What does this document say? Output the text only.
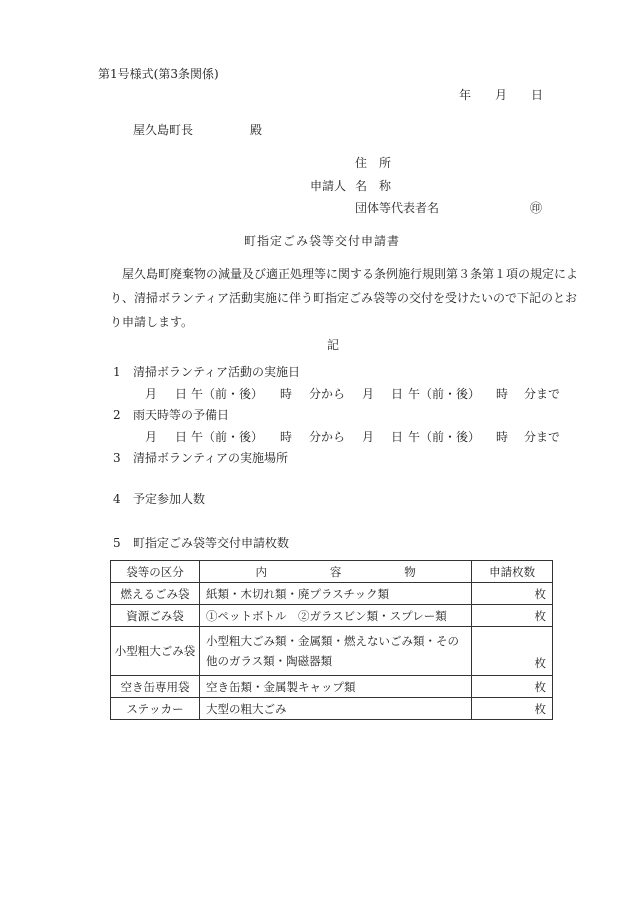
第1号様式(第3条関係)
年 月 日
屋久島町長	殿
住　所
申請人 名　称
団体等代表者名	㊞
町指定ごみ袋等交付申請書

　屋久島町廃棄物の減量及び適正処理等に関する条例施行規則第３条第１項の規定によ
り、清掃ボランティア活動実施に伴う町指定ごみ袋等の交付を受けたいので下記のとお
り申請します。

記
1 清掃ボランティア活動の実施日
月 日 午（前・後） 時 分から 月 日 午（前・後） 時 分まで
2 雨天時等の予備日
月 日 午（前・後） 時 分から 月 日 午（前・後） 時 分まで
3 清掃ボランティアの実施場所
4 予定参加人数
5 町指定ごみ袋等交付申請枚数
袋等の区分	内 容 物	申請枚数
燃えるごみ袋	紙類・木切れ類・廃プラスチック類	枚
資源ごみ袋	①ペットボトル　②ガラスビン類・スプレー類	枚
小型粗大ごみ袋	小型粗大ごみ類・金属類・燃えないごみ類・その
他のガラス類・陶磁器類	枚
空き缶専用袋	空き缶類・金属製キャップ類	枚
ステッカー	大型の粗大ごみ	枚
